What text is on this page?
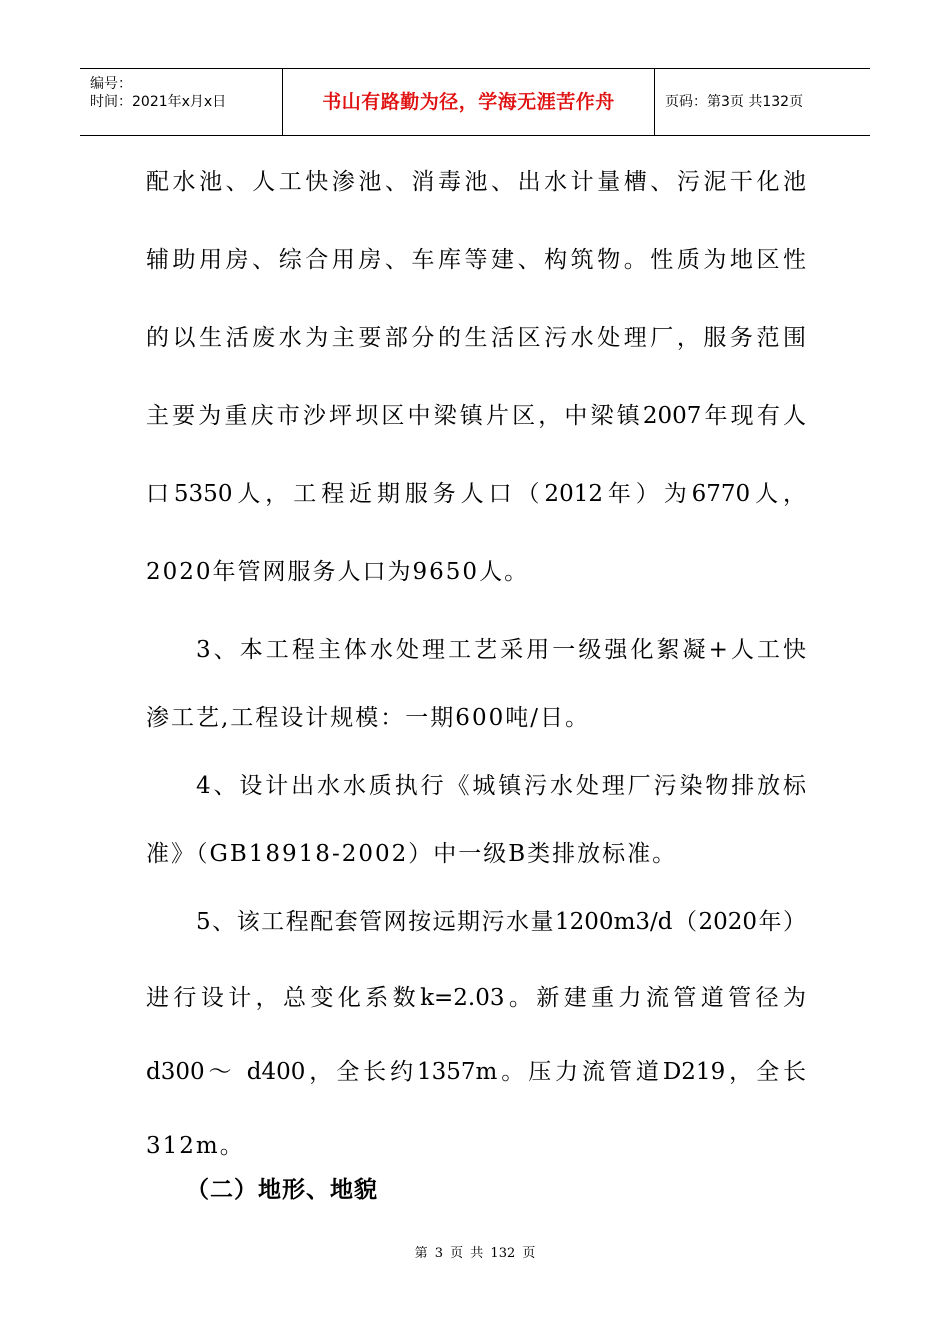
编号：
时间：2021年x月x日	书山有路勤为径，学海无涯苦作舟	页码：第3页 共132页
配水池、人工快渗池、消毒池、出水计量槽、污泥干化池
辅助用房、综合用房、车库等建、构筑物。性质为地区性
的以生活废水为主要部分的生活区污水处理厂，服务范围
主要为重庆市沙坪坝区中梁镇片区，中梁镇2007年现有人
口5350人，工程近期服务人口（2012年）为6770人，
2020年管网服务人口为9650人。
3、本工程主体水处理工艺采用一级强化絮凝+人工快
渗工艺,工程设计规模：一期600吨/日。
4、设计出水水质执行《城镇污水处理厂污染物排放标
准》（GB18918-2002）中一级B类排放标准。
5、该工程配套管网按远期污水量1200m3/d（2020年）
进行设计，总变化系数k=2.03。新建重力流管道管径为
d300～ d400，全长约1357m。压力流管道D219，全长
312m。
（二）地形、地貌
第 3 页 共 132 页
